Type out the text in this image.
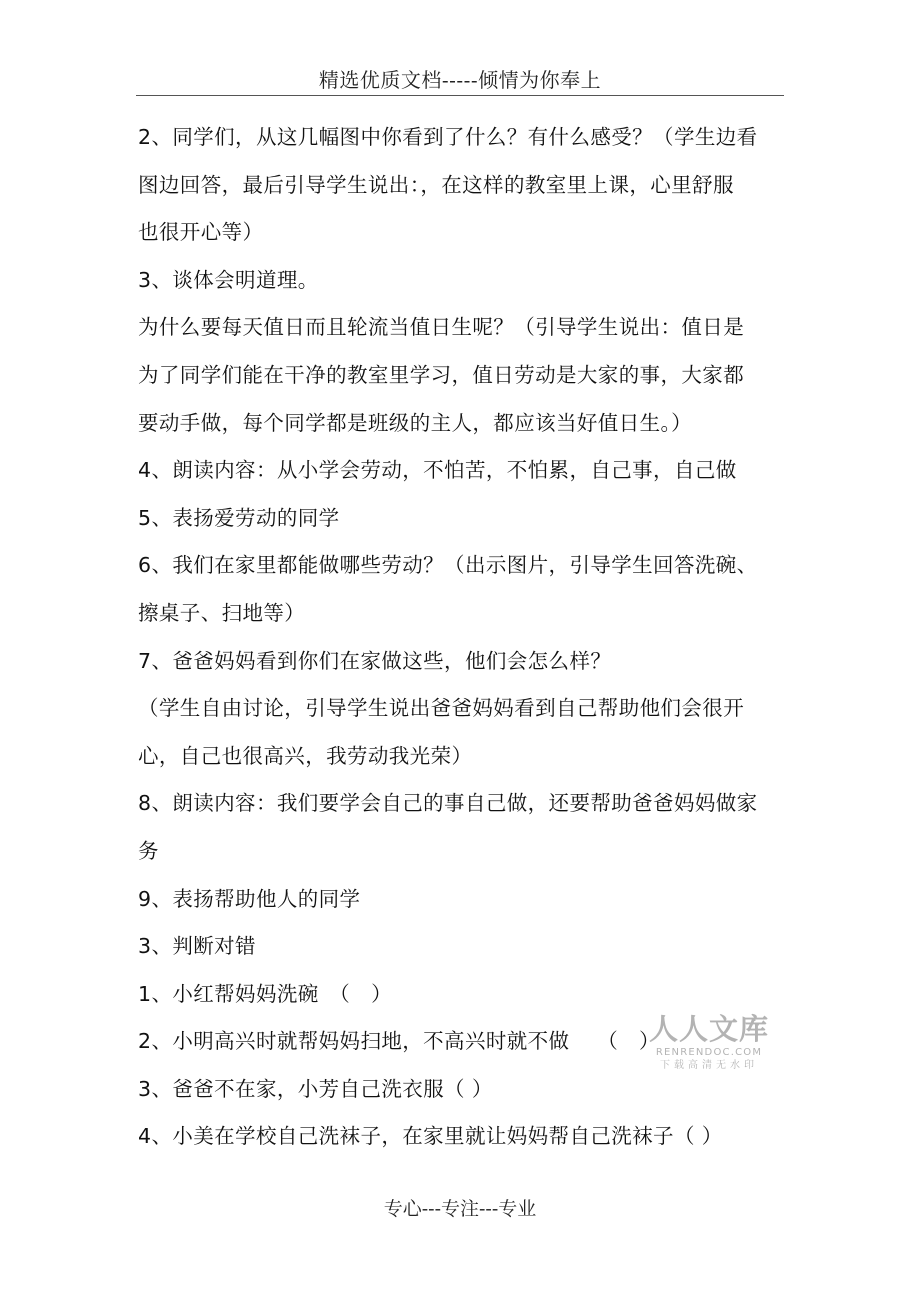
精选优质文档-----倾情为你奉上
2、同学们，从这几幅图中你看到了什么？有什么感受？（学生边看
图边回答，最后引导学生说出：，在这样的教室里上课，心里舒服
也很开心等）
3、谈体会明道理。
为什么要每天值日而且轮流当值日生呢？（引导学生说出：值日是
为了同学们能在干净的教室里学习，值日劳动是大家的事，大家都
要动手做，每个同学都是班级的主人，都应该当好值日生。）
4、朗读内容：从小学会劳动，不怕苦，不怕累，自己事，自己做
5、表扬爱劳动的同学
6、我们在家里都能做哪些劳动？（出示图片，引导学生回答洗碗、
擦桌子、扫地等）
7、爸爸妈妈看到你们在家做这些，他们会怎么样？
（学生自由讨论，引导学生说出爸爸妈妈看到自己帮助他们会很开
心，自己也很高兴，我劳动我光荣）
8、朗读内容：我们要学会自己的事自己做，还要帮助爸爸妈妈做家
务
9、表扬帮助他人的同学
3、判断对错
1、小红帮妈妈洗碗　（　）
2、小明高兴时就帮妈妈扫地，不高兴时就不做　 （　）
3、爸爸不在家，小芳自己洗衣服（ ）
4、小美在学校自己洗袜子，在家里就让妈妈帮自己洗袜子（ ）
人人文库
RENRENDOC.COM
下载高清无水印
专心---专注---专业
